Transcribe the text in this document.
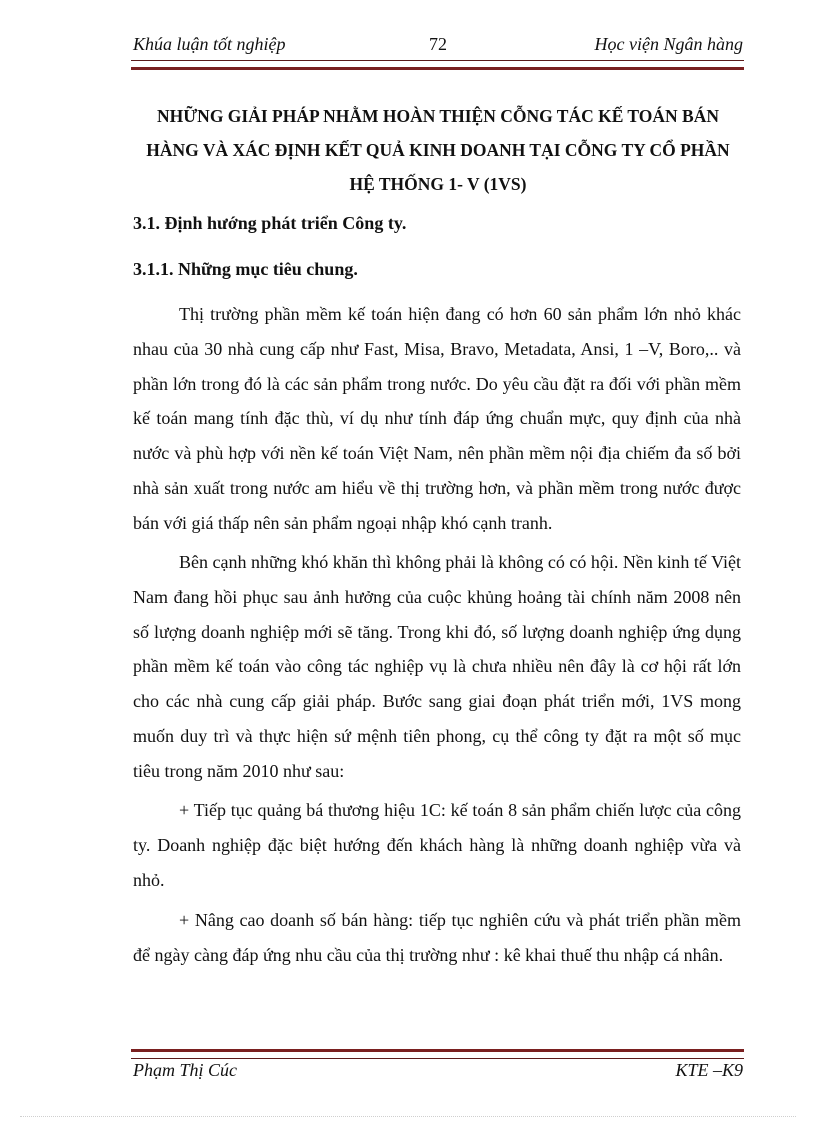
Khúa luận tốt nghiệp	72	Học viện Ngân hàng
NHỮNG GIẢI PHÁP NHẰM HOÀN THIỆN CỖNG TÁC KẾ TOÁN BÁN HÀNG VÀ XÁC ĐỊNH KẾT QUẢ KINH DOANH TẠI CỖNG TY CỔ PHẦN HỆ THỐNG 1- V (1VS)
3.1. Định hướng phát triển Công ty.
3.1.1. Những mục tiêu chung.

Thị trường phần mềm kế toán hiện đang có hơn 60 sản phẩm lớn nhỏ khác nhau của 30 nhà cung cấp như Fast, Misa, Bravo, Metadata, Ansi, 1 –V, Boro,.. và phần lớn trong đó là các sản phẩm trong nước. Do yêu cầu đặt ra đối với phần mềm kế toán mang tính đặc thù, ví dụ như tính đáp ứng chuẩn mực, quy định của nhà nước và phù hợp với nền kế toán Việt Nam, nên phần mềm nội địa chiếm đa số bởi nhà sản xuất trong nước am hiểu về thị trường hơn, và phần mềm trong nước được bán với giá thấp nên sản phẩm ngoại nhập khó cạnh tranh.

Bên cạnh những khó khăn thì không phải là không có có hội. Nền kinh tế Việt Nam đang hồi phục sau ảnh hưởng của cuộc khủng hoảng tài chính năm 2008 nên số lượng doanh nghiệp mới sẽ tăng. Trong khi đó, số lượng doanh nghiệp ứng dụng phần mềm kế toán vào công tác nghiệp vụ là chưa nhiều nên đây là cơ hội rất lớn cho các nhà cung cấp giải pháp. Bước sang giai đoạn phát triển mới, 1VS mong muốn duy trì và thực hiện sứ mệnh tiên phong, cụ thể công ty đặt ra một số mục tiêu trong năm 2010 như sau:

+ Tiếp tục quảng bá thương hiệu 1C: kế toán 8 sản phẩm chiến lược của công ty. Doanh nghiệp đặc biệt hướng đến khách hàng là những doanh nghiệp vừa và nhỏ.

+ Nâng cao doanh số bán hàng: tiếp tục nghiên cứu và phát triển phần mềm để ngày càng đáp ứng nhu cầu của thị trường như : kê khai thuế thu nhập cá nhân.

Phạm Thị Cúc	KTE –K9
